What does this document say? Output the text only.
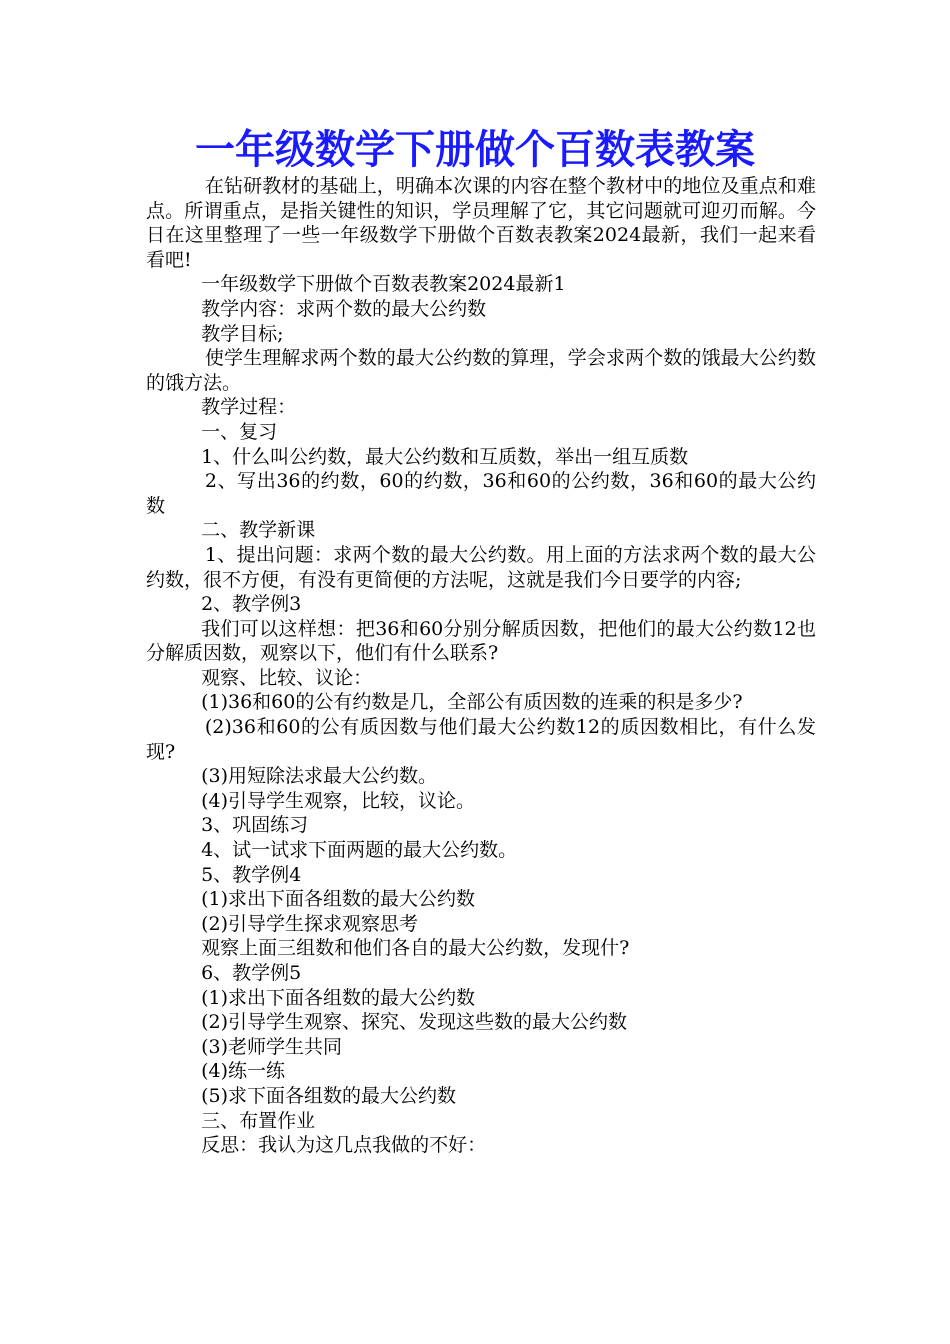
一年级数学下册做个百数表教案

在钻研教材的基础上，明确本次课的内容在整个教材中的地位及重点和难点。所谓重点，是指关键性的知识，学员理解了它，其它问题就可迎刃而解。今日在这里整理了一些一年级数学下册做个百数表教案2024最新，我们一起来看看吧!

一年级数学下册做个百数表教案2024最新1

教学内容：求两个数的最大公约数

教学目标;

使学生理解求两个数的最大公约数的算理，学会求两个数的饿最大公约数的饿方法。

教学过程：

一、复习

1、什么叫公约数，最大公约数和互质数，举出一组互质数

2、写出36的约数，60的约数，36和60的公约数，36和60的最大公约数

二、教学新课

1、提出问题：求两个数的最大公约数。用上面的方法求两个数的最大公约数，很不方便，有没有更简便的方法呢，这就是我们今日要学的内容;

2、教学例3

我们可以这样想：把36和60分别分解质因数，把他们的最大公约数12也分解质因数，观察以下，他们有什么联系?

观察、比较、议论：

(1)36和60的公有约数是几，全部公有质因数的连乘的积是多少?

(2)36和60的公有质因数与他们最大公约数12的质因数相比，有什么发现?

(3)用短除法求最大公约数。

(4)引导学生观察，比较，议论。

3、巩固练习

4、试一试求下面两题的最大公约数。

5、教学例4

(1)求出下面各组数的最大公约数

(2)引导学生探求观察思考

观察上面三组数和他们各自的最大公约数，发现什?

6、教学例5

(1)求出下面各组数的最大公约数

(2)引导学生观察、探究、发现这些数的最大公约数

(3)老师学生共同

(4)练一练

(5)求下面各组数的最大公约数

三、布置作业

反思：我认为这几点我做的不好：
